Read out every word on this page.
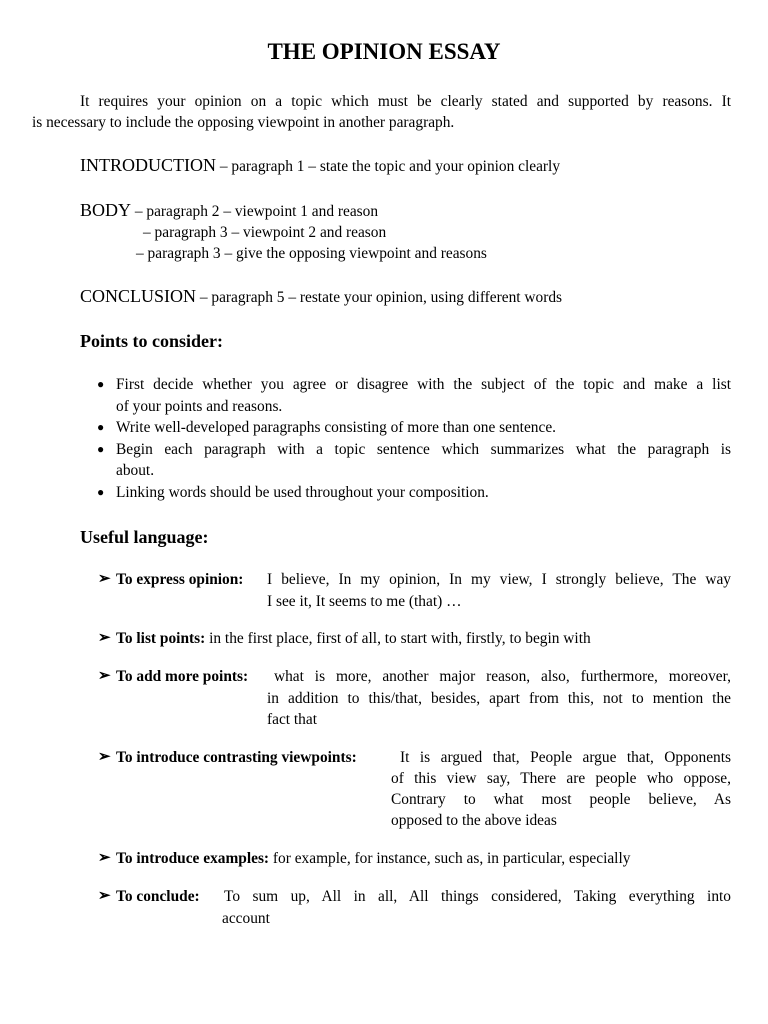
THE OPINION ESSAY
It requires your opinion on a topic which must be clearly stated and supported by reasons. It
is necessary to include the opposing viewpoint in another paragraph.
INTRODUCTION – paragraph 1 – state the topic and your opinion clearly
BODY – paragraph 2 – viewpoint 1 and reason
– paragraph 3 – viewpoint 2 and reason
– paragraph 3 – give the opposing viewpoint and reasons
CONCLUSION – paragraph 5 – restate your opinion, using different words
Points to consider:
● First decide whether you agree or disagree with the subject of the topic and make a list
of your points and reasons.
● Write well-developed paragraphs consisting of more than one sentence.
● Begin each paragraph with a topic sentence which summarizes what the paragraph is
about.
● Linking words should be used throughout your composition.
Useful language:
➢ To express opinion: I believe, In my opinion, In my view, I strongly believe, The way
I see it, It seems to me (that) …
➢ To list points: in the first place, first of all, to start with, firstly, to begin with
➢ To add more points: what is more, another major reason, also, furthermore, moreover,
in addition to this/that, besides, apart from this, not to mention the
fact that
➢ To introduce contrasting viewpoints:	It is argued that, People argue that, Opponents
of this view say, There are people who oppose,
Contrary to what most people believe, As
opposed to the above ideas
➢ To introduce examples: for example, for instance, such as, in particular, especially
➢ To conclude: To sum up, All in all, All things considered, Taking everything into
account
